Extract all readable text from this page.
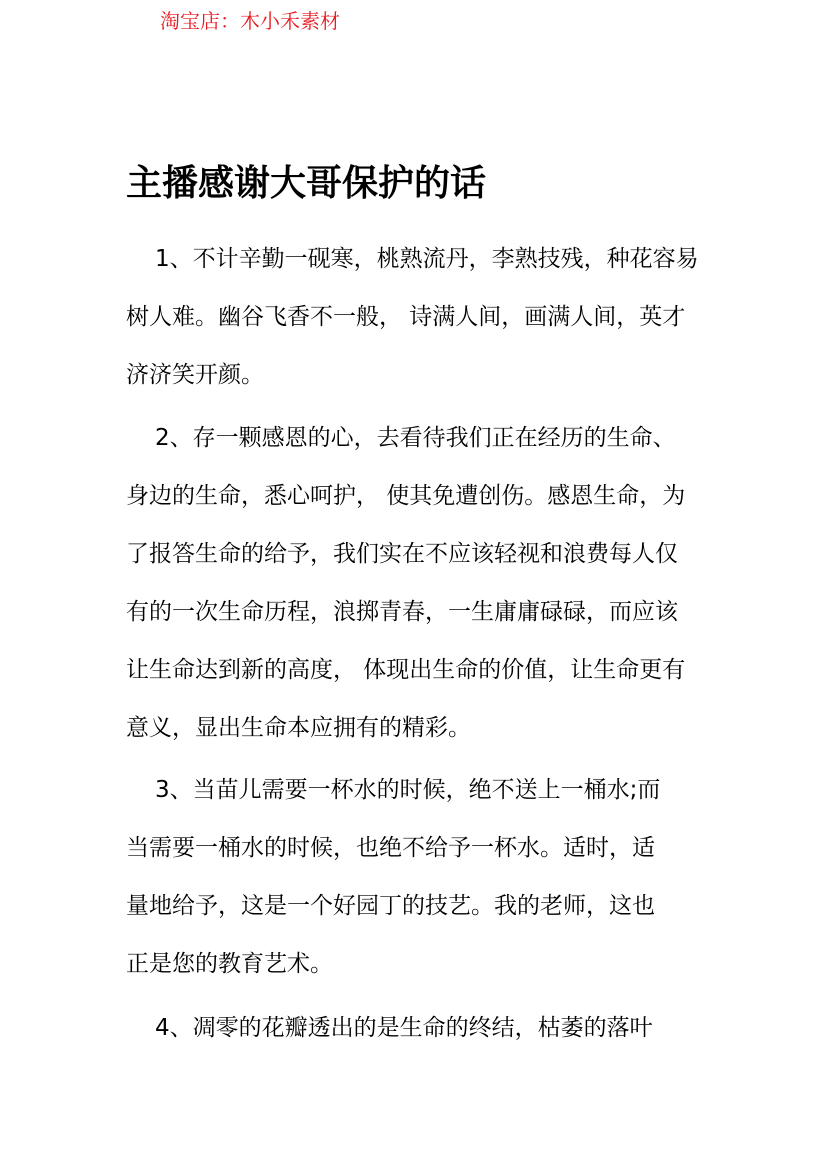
淘宝店：木小禾素材
主播感谢大哥保护的话
1、不计辛勤一砚寒，桃熟流丹，李熟技残，种花容易
树人难。幽谷飞香不一般， 诗满人间，画满人间，英才
济济笑开颜。
2、存一颗感恩的心，去看待我们正在经历的生命、
身边的生命，悉心呵护， 使其免遭创伤。感恩生命，为
了报答生命的给予，我们实在不应该轻视和浪费每人仅
有的一次生命历程，浪掷青春，一生庸庸碌碌，而应该
让生命达到新的高度， 体现出生命的价值，让生命更有
意义，显出生命本应拥有的精彩。
3、当苗儿需要一杯水的时候，绝不送上一桶水;而
当需要一桶水的时候，也绝不给予一杯水。适时，适
量地给予，这是一个好园丁的技艺。我的老师，这也
正是您的教育艺术。
4、凋零的花瓣透出的是生命的终结，枯萎的落叶
